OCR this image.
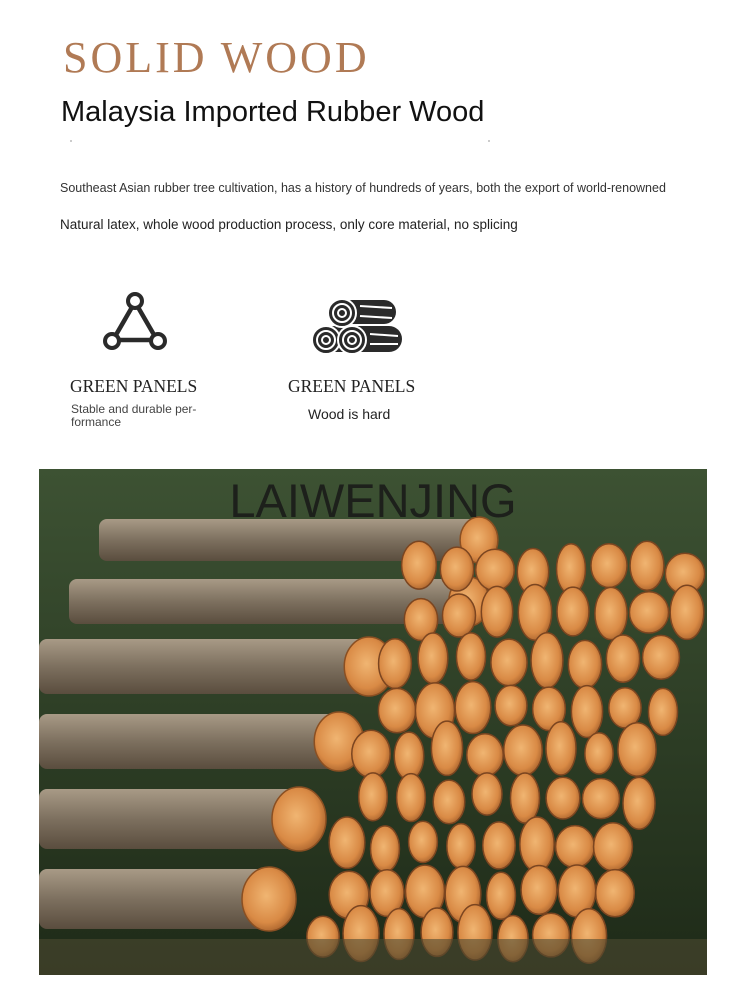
SOLID WOOD
Malaysia Imported Rubber Wood

Southeast Asian rubber tree cultivation, has a history of hundreds of years, both the export of world-renowned

Natural latex, whole wood production process, only core material, no splicing

GREEN PANELS
Stable and durable per-formance
GREEN PANELS
Wood is hard
LAIWENJING
